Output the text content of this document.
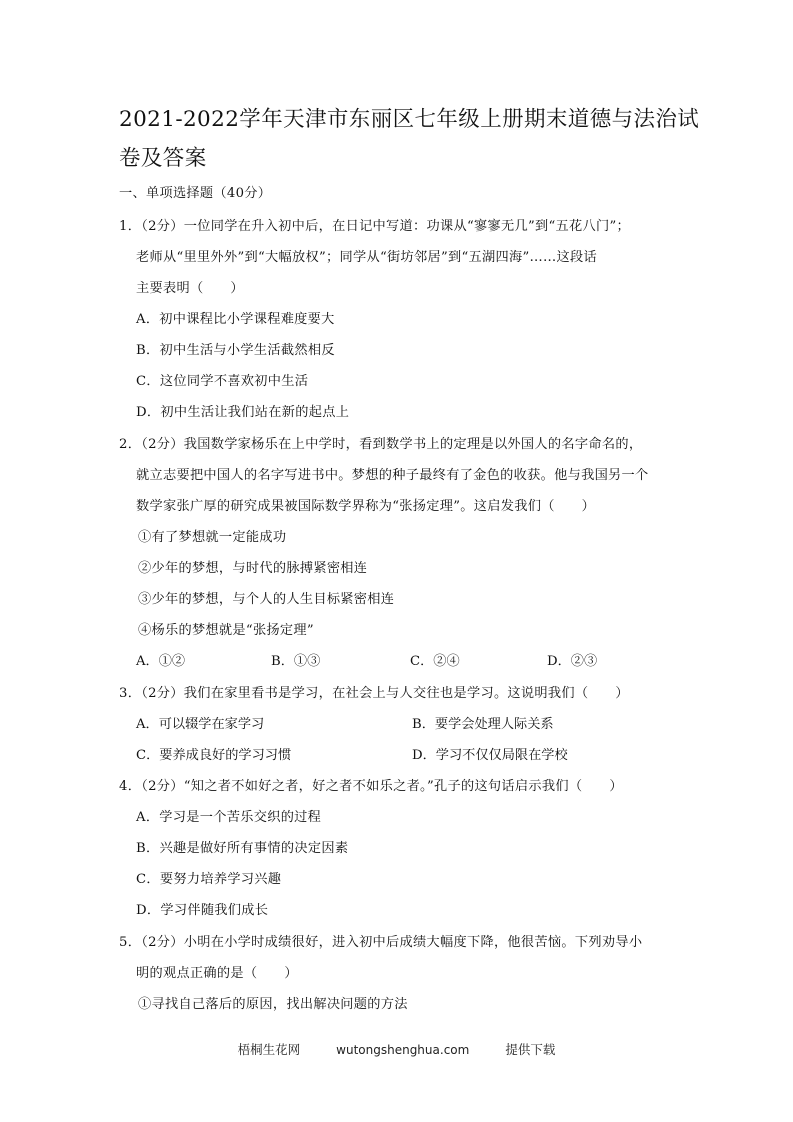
2021-2022学年天津市东丽区七年级上册期末道德与法治试
卷及答案
一、单项选择题（40分）
1．（2分）一位同学在升入初中后，在日记中写道：功课从“寥寥无几”到“五花八门”；
老师从“里里外外”到“大幅放权”；同学从“街坊邻居”到“五湖四海”……这段话
主要表明（　　）
A．初中课程比小学课程难度要大
B．初中生活与小学生活截然相反
C．这位同学不喜欢初中生活
D．初中生活让我们站在新的起点上
2．（2分）我国数学家杨乐在上中学时，看到数学书上的定理是以外国人的名字命名的，
就立志要把中国人的名字写进书中。梦想的种子最终有了金色的收获。他与我国另一个
数学家张广厚的研究成果被国际数学界称为“张扬定理”。这启发我们（　　）
①有了梦想就一定能成功
②少年的梦想，与时代的脉搏紧密相连
③少年的梦想，与个人的人生目标紧密相连
④杨乐的梦想就是“张扬定理”
A．①②	B．①③	C．②④	D．②③
3．（2分）我们在家里看书是学习，在社会上与人交往也是学习。这说明我们（　　）
A．可以辍学在家学习	B．要学会处理人际关系
C．要养成良好的学习习惯	D．学习不仅仅局限在学校
4．（2分）“知之者不如好之者，好之者不如乐之者。”孔子的这句话启示我们（　　）
A．学习是一个苦乐交织的过程
B．兴趣是做好所有事情的决定因素
C．要努力培养学习兴趣
D．学习伴随我们成长
5．（2分）小明在小学时成绩很好，进入初中后成绩大幅度下降，他很苦恼。下列劝导小
明的观点正确的是（　　）
①寻找自己落后的原因，找出解决问题的方法
梧桐生花网	wutongshenghua.com	提供下载
